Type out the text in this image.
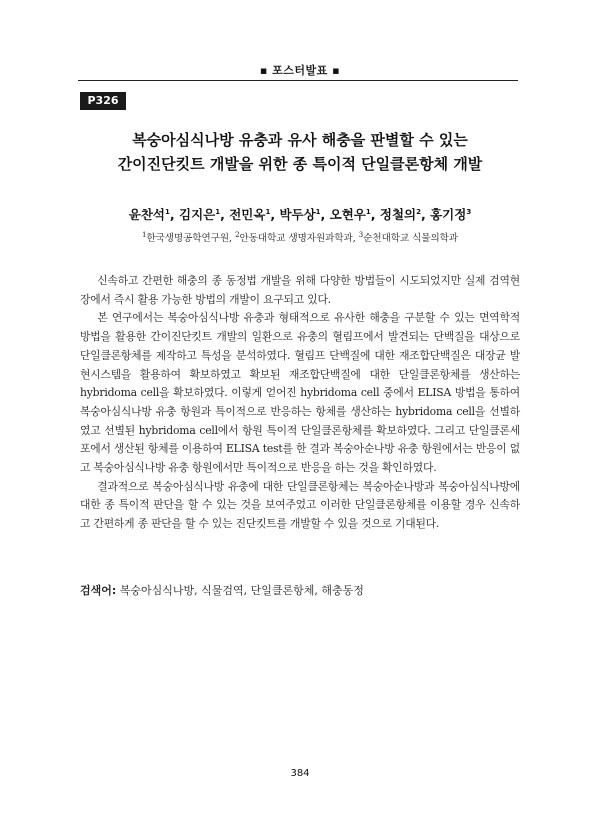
▪ 포스터발표 ▪
P326
복숭아심식나방 유충과 유사 해충을 판별할 수 있는
간이진단킷트 개발을 위한 종 특이적 단일클론항체 개발
윤찬석$^1$, 김지은$^1$, 전민옥$^1$, 박두상$^1$, 오현우$^1$, 정철의$^2$, 홍기정$^3$
$^1$한국생명공학연구원, $^2$안동대학교 생명자원과학과, $^3$순천대학교 식물의학과

신속하고 간편한 해충의 종 동정법 개발을 위해 다양한 방법들이 시도되었지만 실제 검역현장에서 즉시 활용 가능한 방법의 개발이 요구되고 있다.

본 연구에서는 복숭아심식나방 유충과 형태적으로 유사한 해충을 구분할 수 있는 면역학적 방법을 활용한 간이진단킷트 개발의 일환으로 유충의 혈림프에서 발견되는 단백질을 대상으로 단일클론항체를 제작하고 특성을 분석하였다. 혈림프 단백질에 대한 재조합단백질은 대장균 발현시스템을 활용하여 확보하였고 확보된 재조합단백질에 대한 단일클론항체를 생산하는 hybridoma cell을 확보하였다. 이렇게 얻어진 hybridoma cell 중에서 ELISA 방법을 통하여 복숭아심식나방 유충 항원과 특이적으로 반응하는 항체를 생산하는 hybridoma cell을 선별하였고 선별된 hybridoma cell에서 항원 특이적 단일클론항체를 확보하였다. 그리고 단일클론세포에서 생산된 항체를 이용하여 ELISA test를 한 결과 복숭아순나방 유충 항원에서는 반응이 없고 복숭아심식나방 유충 항원에서만 특이적으로 반응을 하는 것을 확인하였다.

결과적으로 복숭아심식나방 유충에 대한 단일클론항체는 복숭아순나방과 복숭아심식나방에 대한 종 특이적 판단을 할 수 있는 것을 보여주었고 이러한 단일클론항체를 이용할 경우 신속하고 간편하게 종 판단을 할 수 있는 진단킷트를 개발할 수 있을 것으로 기대된다.

검색어: 복숭아심식나방, 식물검역, 단일클론항체, 해충동정
384
